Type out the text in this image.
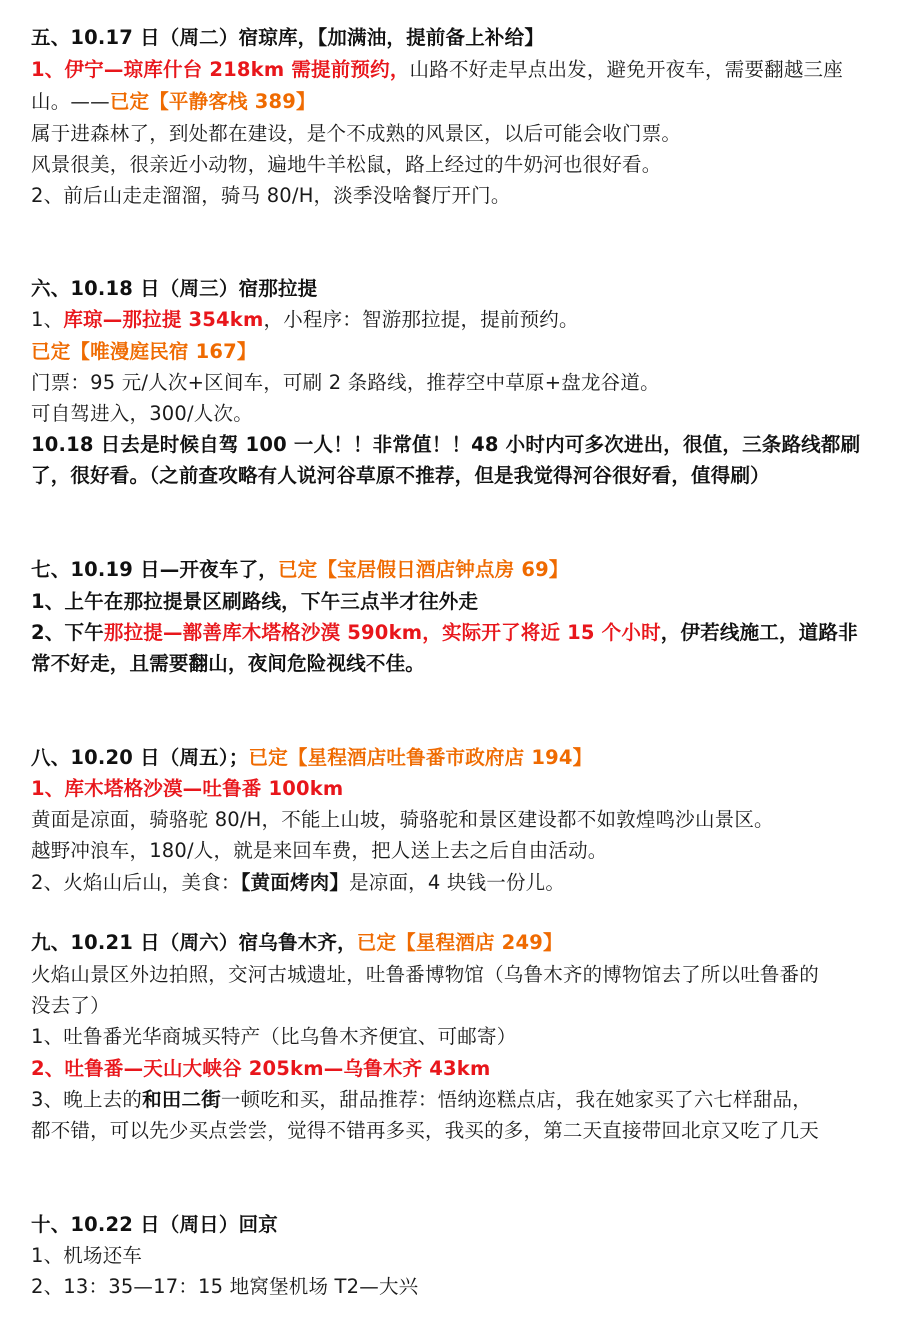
五、10.17 日（周二）宿琼库，【加满油，提前备上补给】
1、伊宁—琼库什台 218km 需提前预约，山路不好走早点出发，避免开夜车，需要翻越三座
山。——已定【平静客栈 389】
属于进森林了，到处都在建设，是个不成熟的风景区，以后可能会收门票。
风景很美，很亲近小动物，遍地牛羊松鼠，路上经过的牛奶河也很好看。
2、前后山走走溜溜，骑马 80/H，淡季没啥餐厅开门。
六、10.18 日（周三）宿那拉提
1、库琼—那拉提 354km，小程序：智游那拉提，提前预约。
已定【唯漫庭民宿 167】
门票：95 元/人次+区间车，可刷 2 条路线，推荐空中草原+盘龙谷道。
可自驾进入，300/人次。
10.18 日去是时候自驾 100 一人！！非常值！！48 小时内可多次进出，很值，三条路线都刷
了，很好看。（之前查攻略有人说河谷草原不推荐，但是我觉得河谷很好看，值得刷）
七、10.19 日—开夜车了，已定【宝居假日酒店钟点房 69】
1、上午在那拉提景区刷路线，下午三点半才往外走
2、下午那拉提—鄯善库木塔格沙漠 590km，实际开了将近 15 个小时，伊若线施工，道路非
常不好走，且需要翻山，夜间危险视线不佳。
八、10.20 日（周五）；已定【星程酒店吐鲁番市政府店 194】
1、库木塔格沙漠—吐鲁番 100km
黄面是凉面，骑骆驼 80/H，不能上山坡，骑骆驼和景区建设都不如敦煌鸣沙山景区。
越野冲浪车，180/人，就是来回车费，把人送上去之后自由活动。
2、火焰山后山，美食：【黄面烤肉】是凉面，4 块钱一份儿。
九、10.21 日（周六）宿乌鲁木齐，已定【星程酒店 249】
火焰山景区外边拍照，交河古城遗址，吐鲁番博物馆（乌鲁木齐的博物馆去了所以吐鲁番的
没去了）
1、吐鲁番光华商城买特产（比乌鲁木齐便宜、可邮寄）
2、吐鲁番—天山大峡谷 205km—乌鲁木齐 43km
3、晚上去的和田二街一顿吃和买，甜品推荐：悟纳迩糕点店，我在她家买了六七样甜品，
都不错，可以先少买点尝尝，觉得不错再多买，我买的多，第二天直接带回北京又吃了几天
十、10.22 日（周日）回京
1、机场还车
2、13：35—17：15 地窝堡机场 T2—大兴
